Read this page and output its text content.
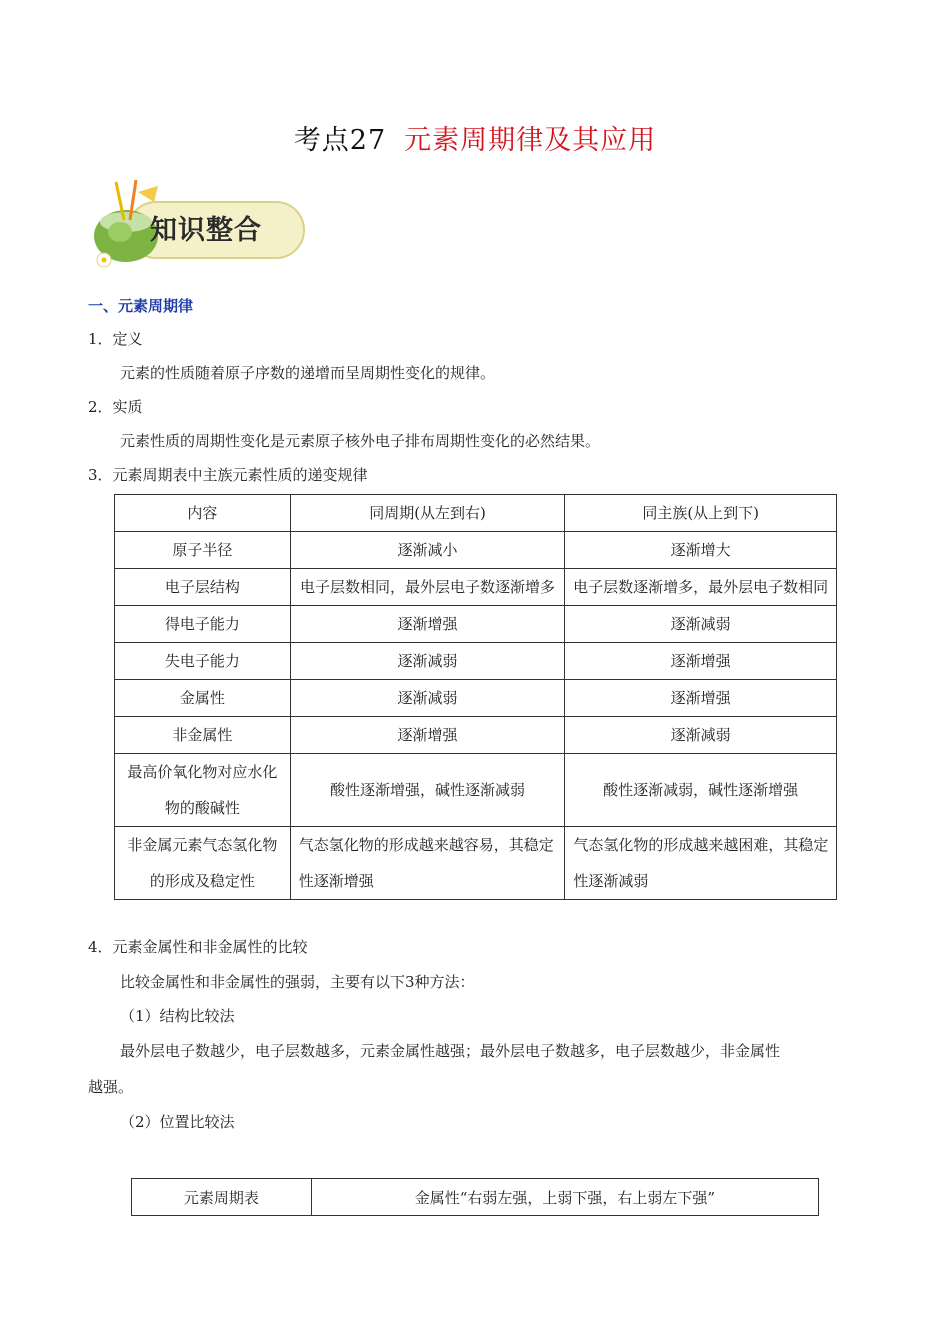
考点27 元素周期律及其应用
知识整合
一、元素周期律
1．定义
元素的性质随着原子序数的递增而呈周期性变化的规律。
2．实质
元素性质的周期性变化是元素原子核外电子排布周期性变化的必然结果。
3．元素周期表中主族元素性质的递变规律
内容	同周期(从左到右)	同主族(从上到下)
原子半径	逐渐减小	逐渐增大
电子层结构	电子层数相同，最外层电子数逐渐增多	电子层数逐渐增多，最外层电子数相同
得电子能力	逐渐增强	逐渐减弱
失电子能力	逐渐减弱	逐渐增强
金属性	逐渐减弱	逐渐增强
非金属性	逐渐增强	逐渐减弱
最高价氧化物对应水化物的酸碱性	酸性逐渐增强，碱性逐渐减弱	酸性逐渐减弱，碱性逐渐增强
非金属元素气态氢化物的形成及稳定性	气态氢化物的形成越来越容易，其稳定性逐渐增强	气态氢化物的形成越来越困难，其稳定性逐渐减弱
4．元素金属性和非金属性的比较
比较金属性和非金属性的强弱，主要有以下3种方法：
（1）结构比较法
最外层电子数越少，电子层数越多，元素金属性越强；最外层电子数越多，电子层数越少，非金属性
越强。
（2）位置比较法
元素周期表	金属性“右弱左强，上弱下强，右上弱左下强”
